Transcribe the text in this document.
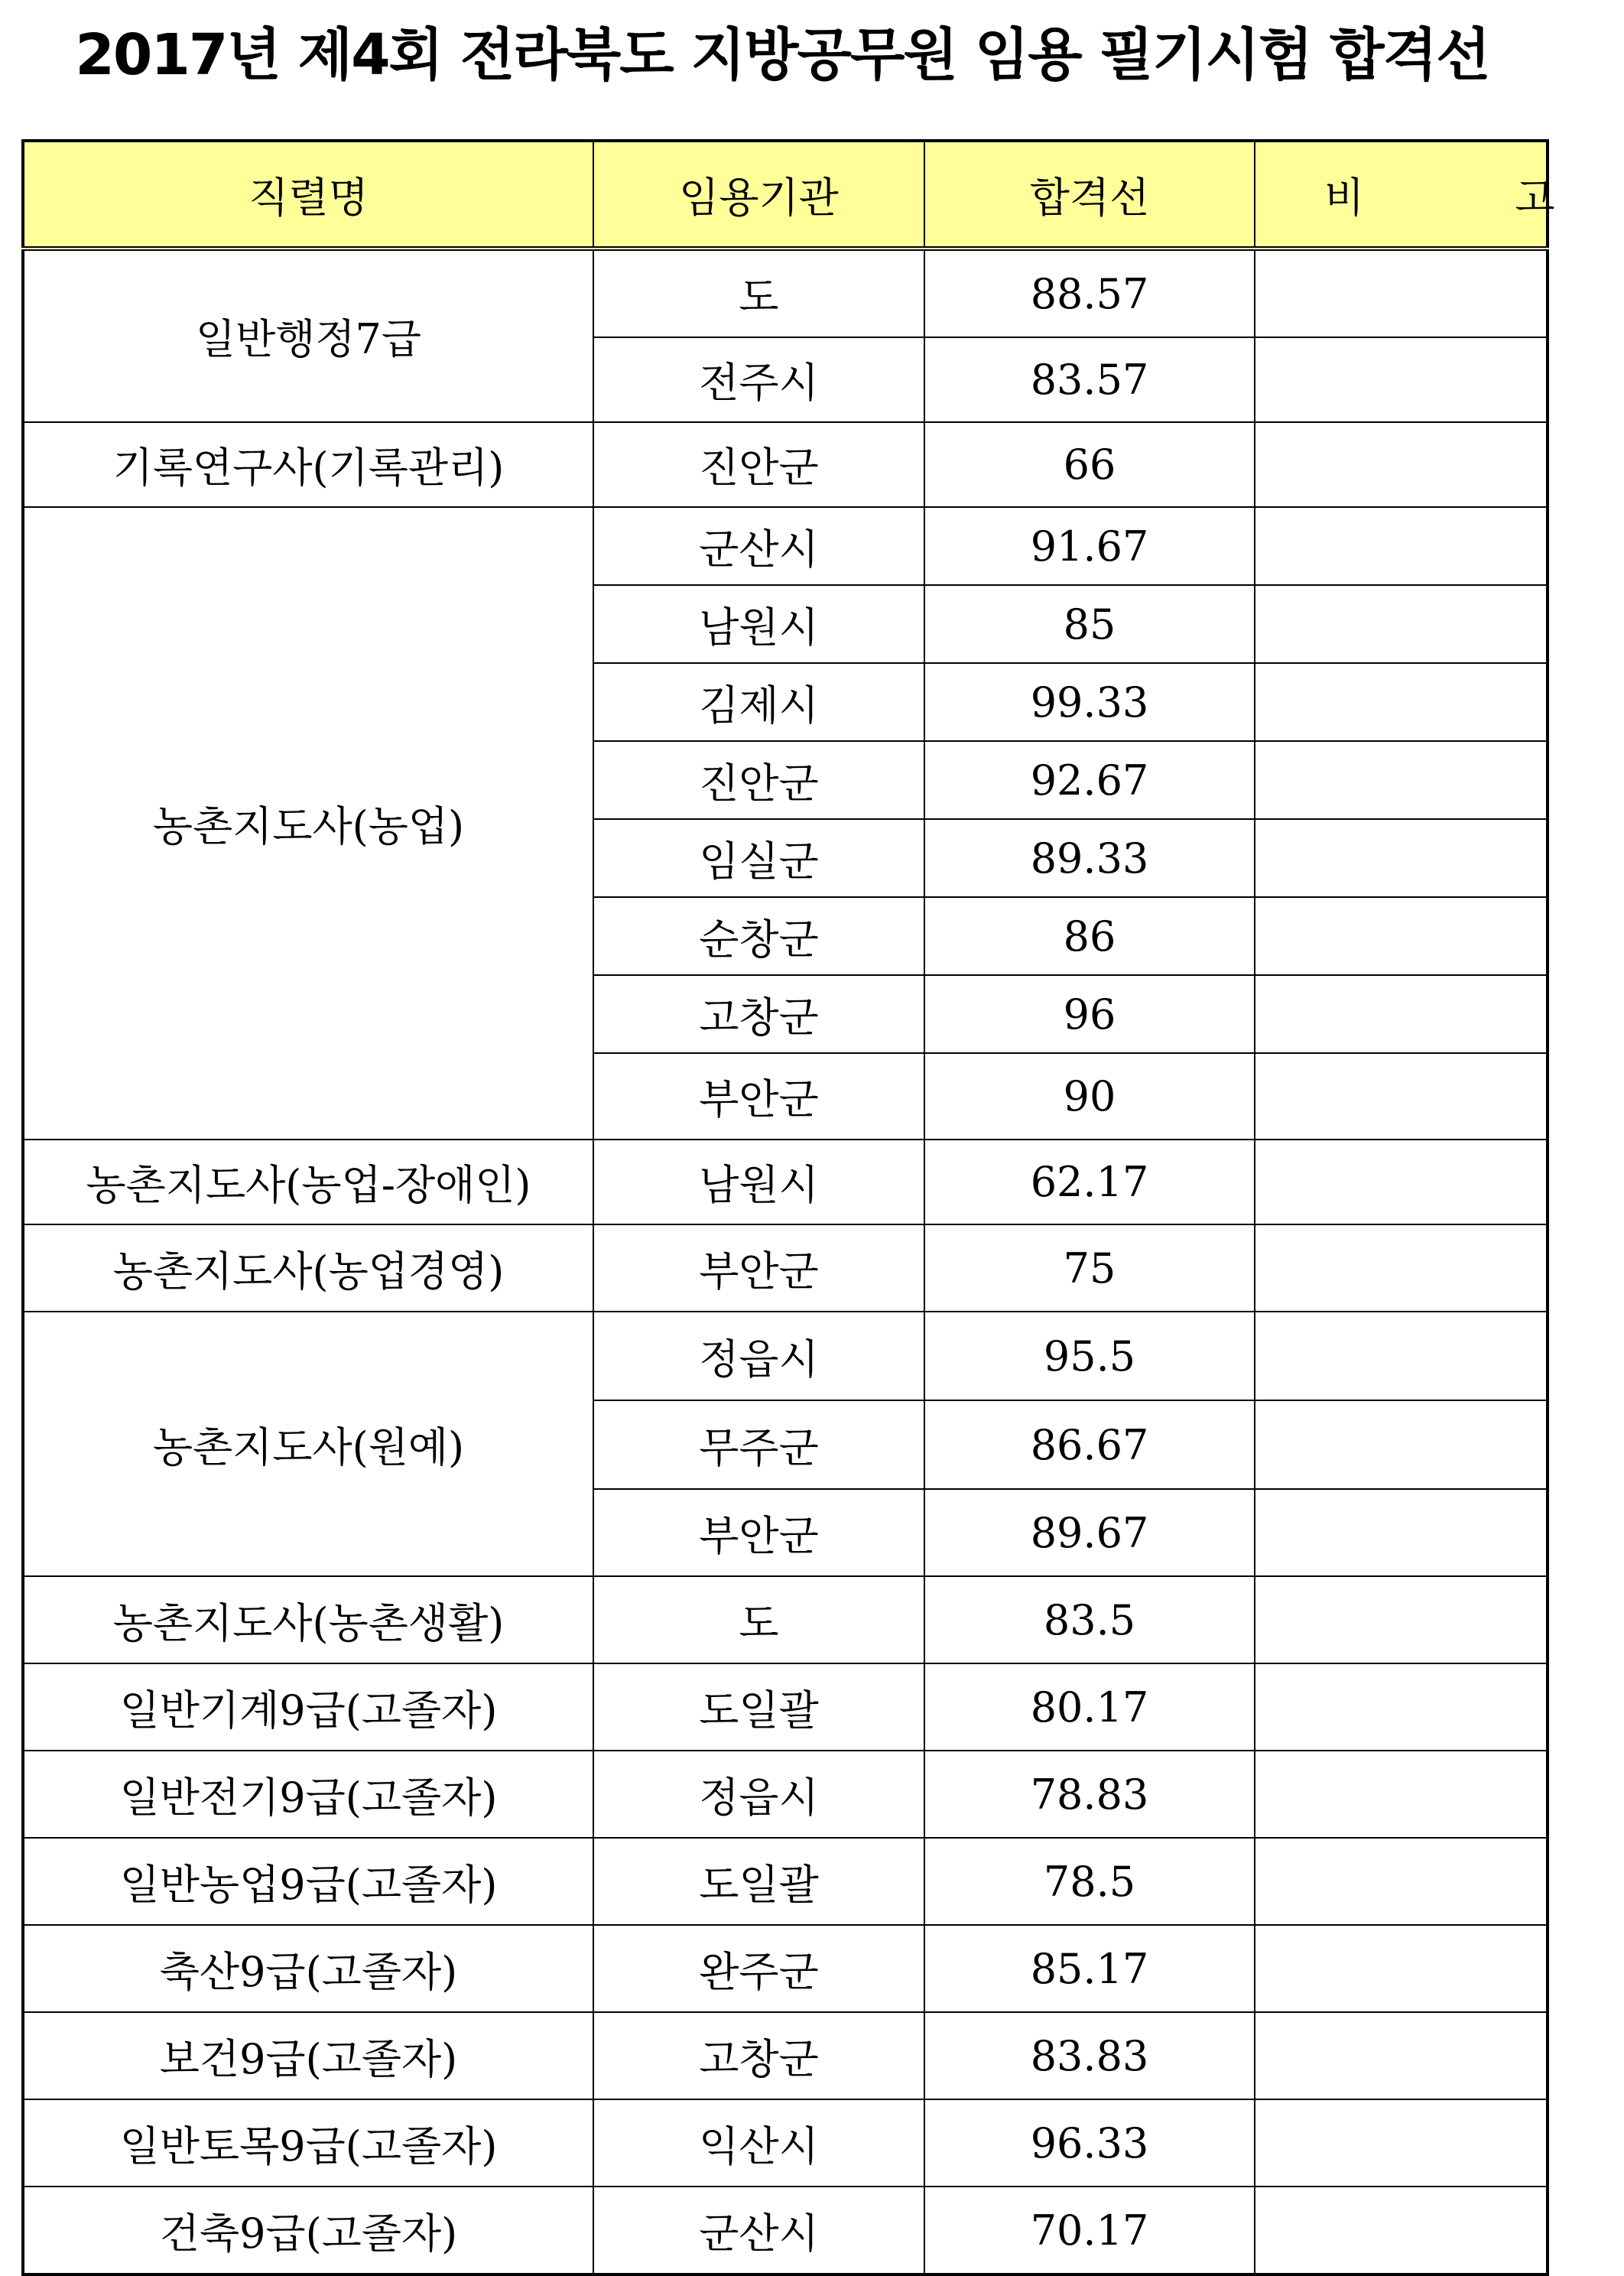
2017년 제4회 전라북도 지방공무원 임용 필기시험 합격선
직렬명	임용기관	합격선	비 고
일반행정7급	도	88.57	
	전주시	83.57	
기록연구사(기록관리)	진안군	66	
농촌지도사(농업)	군산시	91.67	
	남원시	85	
	김제시	99.33	
	진안군	92.67	
	임실군	89.33	
	순창군	86	
	고창군	96	
	부안군	90	
농촌지도사(농업-장애인)	남원시	62.17	
농촌지도사(농업경영)	부안군	75	
농촌지도사(원예)	정읍시	95.5	
	무주군	86.67	
	부안군	89.67	
농촌지도사(농촌생활)	도	83.5	
일반기계9급(고졸자)	도일괄	80.17	
일반전기9급(고졸자)	정읍시	78.83	
일반농업9급(고졸자)	도일괄	78.5	
축산9급(고졸자)	완주군	85.17	
보건9급(고졸자)	고창군	83.83	
일반토목9급(고졸자)	익산시	96.33	
건축9급(고졸자)	군산시	70.17	
